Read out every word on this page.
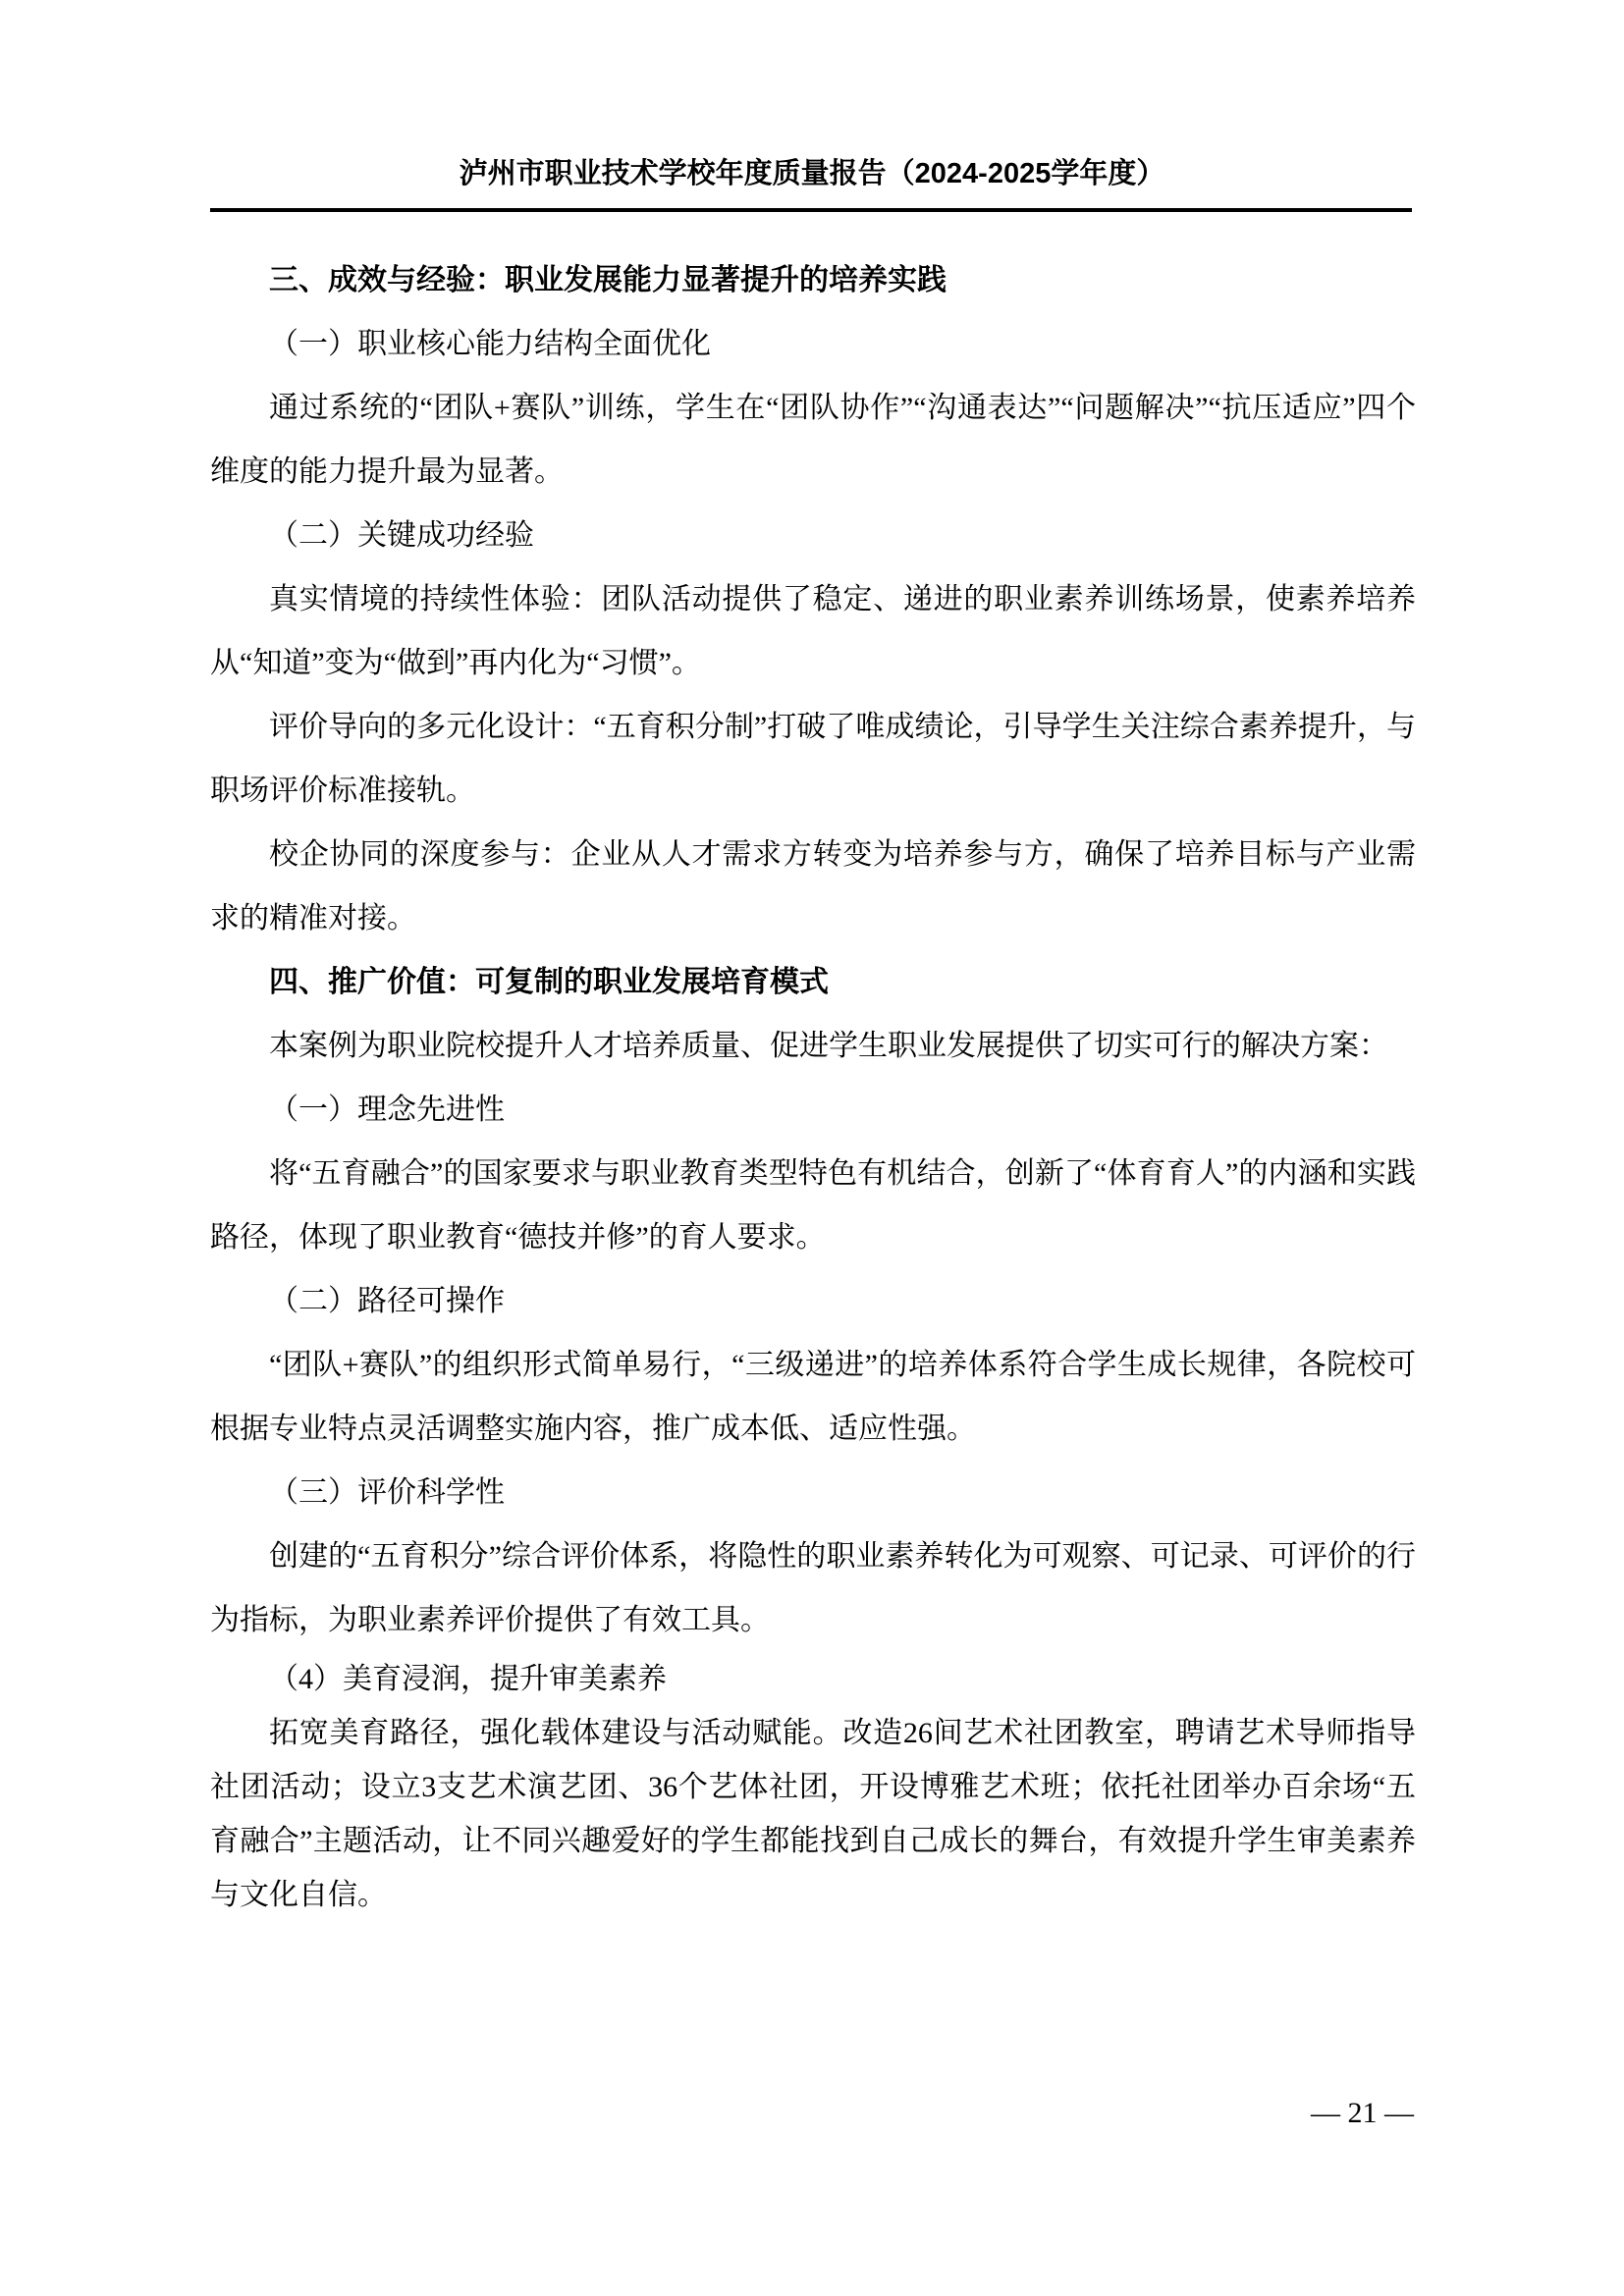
泸州市职业技术学校年度质量报告（2024-2025学年度）

三、成效与经验：职业发展能力显著提升的培养实践

（一）职业核心能力结构全面优化

通过系统的“团队+赛队”训练，学生在“团队协作”“沟通表达”“问题解决”“抗压适应”四个维度的能力提升最为显著。

（二）关键成功经验

真实情境的持续性体验：团队活动提供了稳定、递进的职业素养训练场景，使素养培养从“知道”变为“做到”再内化为“习惯”。

评价导向的多元化设计：“五育积分制”打破了唯成绩论，引导学生关注综合素养提升，与职场评价标准接轨。

校企协同的深度参与：企业从人才需求方转变为培养参与方，确保了培养目标与产业需求的精准对接。

四、推广价值：可复制的职业发展培育模式

本案例为职业院校提升人才培养质量、促进学生职业发展提供了切实可行的解决方案：

（一）理念先进性

将“五育融合”的国家要求与职业教育类型特色有机结合，创新了“体育育人”的内涵和实践路径，体现了职业教育“德技并修”的育人要求。

（二）路径可操作

“团队+赛队”的组织形式简单易行，“三级递进”的培养体系符合学生成长规律，各院校可根据专业特点灵活调整实施内容，推广成本低、适应性强。

（三）评价科学性

创建的“五育积分”综合评价体系，将隐性的职业素养转化为可观察、可记录、可评价的行为指标，为职业素养评价提供了有效工具。

（4）美育浸润，提升审美素养

拓宽美育路径，强化载体建设与活动赋能。改造26间艺术社团教室，聘请艺术导师指导社团活动；设立3支艺术演艺团、36个艺体社团，开设博雅艺术班；依托社团举办百余场“五育融合”主题活动，让不同兴趣爱好的学生都能找到自己成长的舞台，有效提升学生审美素养与文化自信。

— 21 —
